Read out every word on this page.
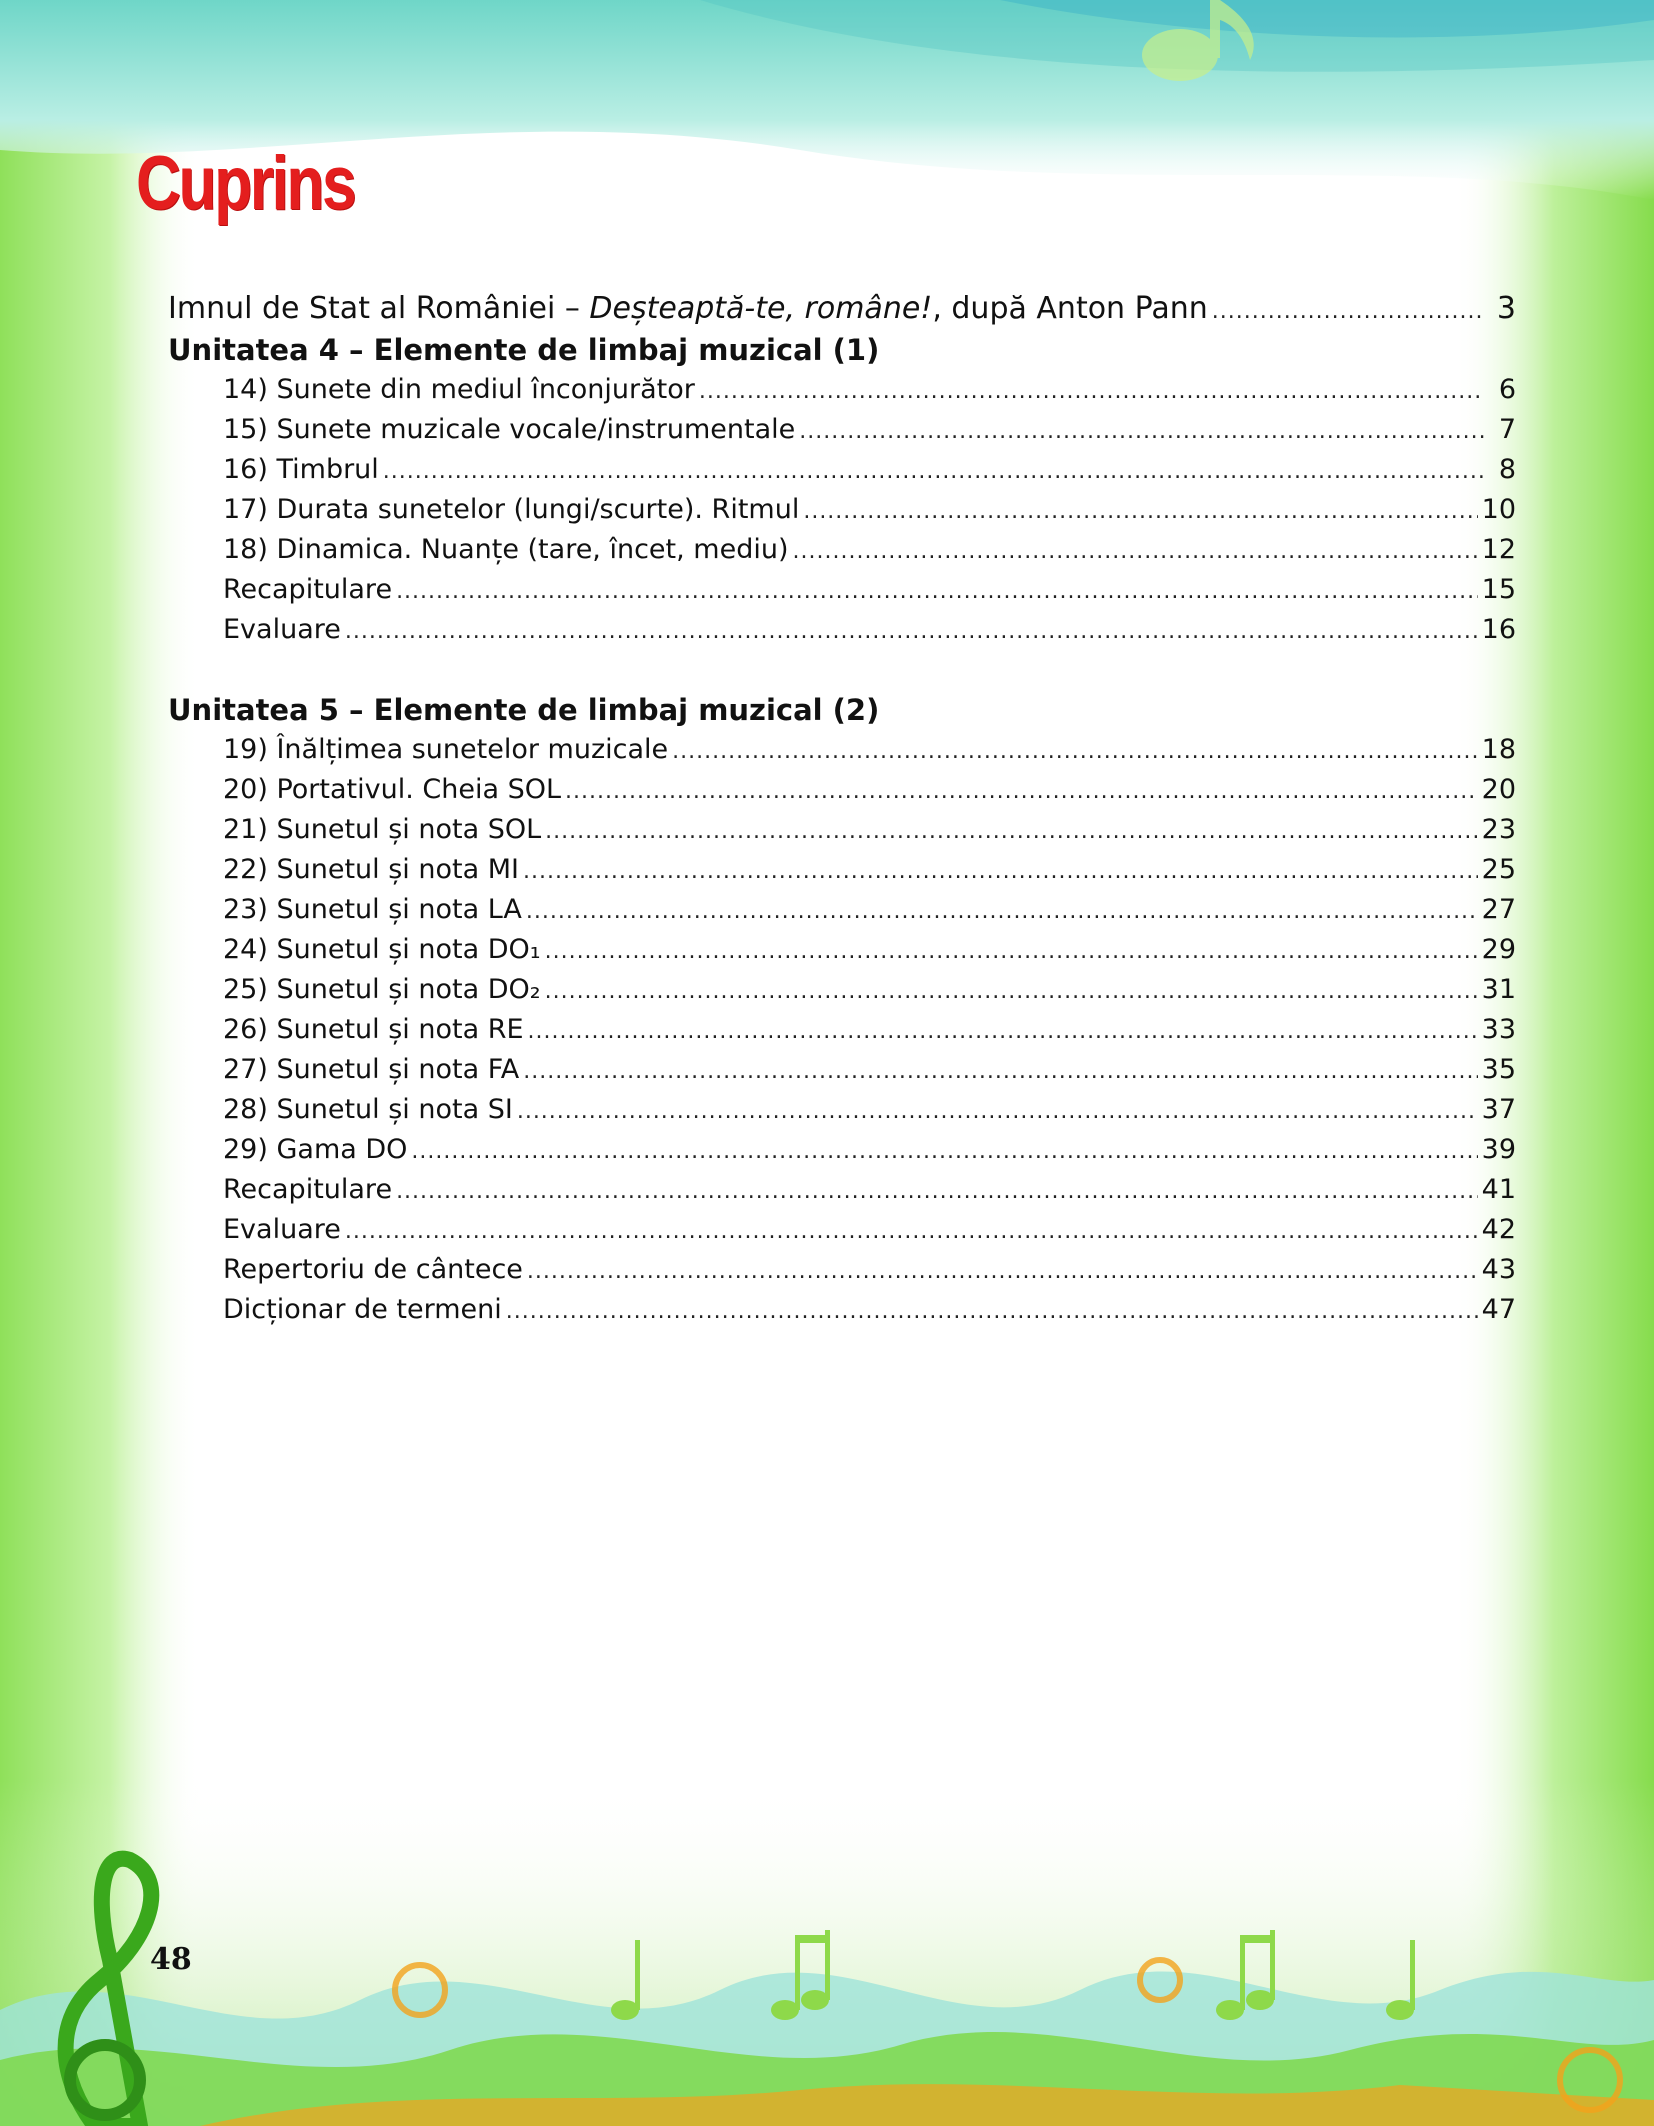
Cuprins
Imnul de Stat al României – Deșteaptă-te, române!, după Anton Pann .....	3
Unitatea 4 – Elemente de limbaj muzical (1)
14) Sunete din mediul înconjurător .....	6
15) Sunete muzicale vocale/instrumentale .....	7
16) Timbrul .....	8
17) Durata sunetelor (lungi/scurte). Ritmul .....	10
18) Dinamica. Nuanțe (tare, încet, mediu) .....	12
Recapitulare .....	15
Evaluare .....	16
Unitatea 5 – Elemente de limbaj muzical (2)
19) Înălțimea sunetelor muzicale .....	18
20) Portativul. Cheia SOL .....	20
21) Sunetul și nota SOL .....	23
22) Sunetul și nota MI .....	25
23) Sunetul și nota LA .....	27
24) Sunetul și nota DO₁ .....	29
25) Sunetul și nota DO₂ .....	31
26) Sunetul și nota RE .....	33
27) Sunetul și nota FA .....	35
28) Sunetul și nota SI .....	37
29) Gama DO .....	39
Recapitulare .....	41
Evaluare .....	42
Repertoriu de cântece .....	43
Dicționar de termeni .....	47
48
